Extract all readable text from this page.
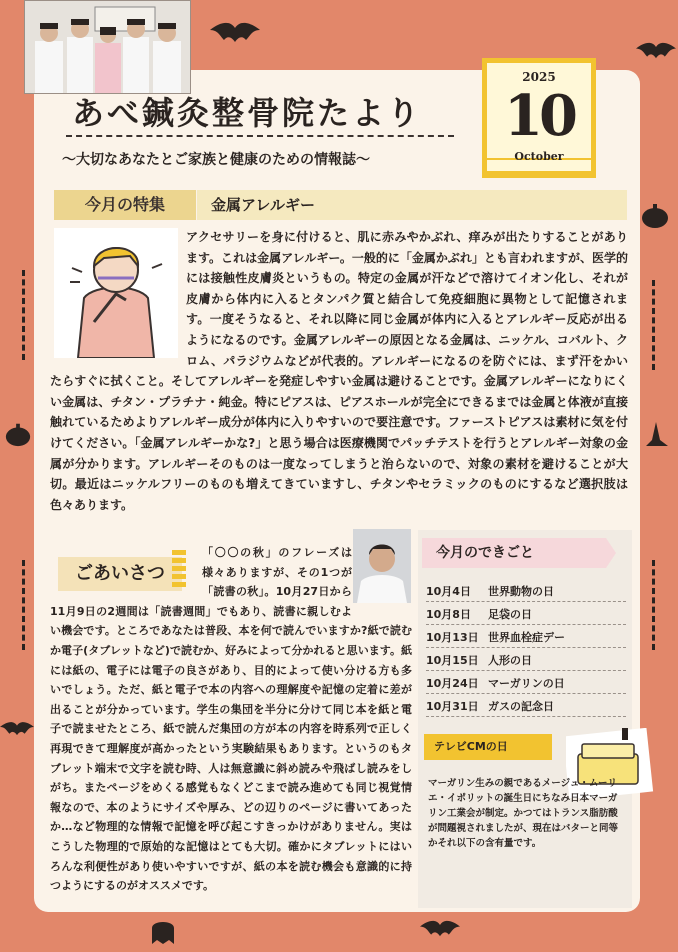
あべ鍼灸整骨院たより
〜大切なあなたとご家族と健康のための情報誌〜
2025
10
October
今月の特集	金属アレルギー
アクセサリーを身に付けると、肌に赤みやかぶれ、痒みが出たりすることがあります。これは金属アレルギー。一般的に「金属かぶれ」とも言われますが、医学的には接触性皮膚炎というもの。特定の金属が汗などで溶けてイオン化し、それが皮膚から体内に入るとタンパク質と結合して免疫細胞に異物として記憶されます。一度そうなると、それ以降に同じ金属が体内に入るとアレルギー反応が出るようになるのです。金属アレルギーの原因となる金属は、ニッケル、コバルト、クロム、パラジウムなどが代表的。アレルギーになるのを防ぐには、まず汗をかいたらすぐに拭くこと。そしてアレルギーを発症しやすい金属は避けることです。金属アレルギーになりにくい金属は、チタン・プラチナ・純金。特にピアスは、ピアスホールが完全にできるまでは金属と体液が直接触れているためよりアレルギー成分が体内に入りやすいので要注意です。ファーストピアスは素材に気を付けてください。「金属アレルギーかな?」と思う場合は医療機関でパッチテストを行うとアレルギー対象の金属が分かります。アレルギーそのものは一度なってしまうと治らないので、対象の素材を避けることが大切。最近はニッケルフリーのものも増えてきていますし、チタンやセラミックのものにするなど選択肢は色々あります。
「〇〇の秋」のフレーズは様々ありますが、その1つが「読書の秋」。10月27日から11月9日の2週間は「読書週間」でもあり、読書に親しむよい機会です。ところであなたは普段、本を何で読んでいますか?紙で読むか電子(タブレットなど)で読むか、好みによって分かれると思います。紙には紙の、電子には電子の良さがあり、目的によって使い分ける方も多いでしょう。ただ、紙と電子で本の内容への理解度や記憶の定着に差が出ることが分かっています。学生の集団を半分に分けて同じ本を紙と電子で読ませたところ、紙で読んだ集団の方が本の内容を時系列で正しく再現できて理解度が高かったという実験結果もあります。というのもタブレット端末で文字を読む時、人は無意識に斜め読みや飛ばし読みをしがち。またページをめくる感覚もなくどこまで読み進めても同じ視覚情報なので、本のようにサイズや厚み、どの辺りのページに書いてあったか…など物理的な情報で記憶を呼び起こすきっかけがありません。実はこうした物理的で原始的な記憶はとても大切。確かにタブレットにはいろんな利便性があり使いやすいですが、紙の本を読む機会も意識的に持つようにするのがオススメです。
ごあいさつ
今月のできごと
10月4日 世界動物の日
10月8日 足袋の日
10月13日 世界血栓症デー
10月15日 人形の日
10月24日 マーガリンの日
10月31日 ガスの記念日
テレビCMの日
マーガリン生みの親であるメージュ・ムーリエ・イポリットの誕生日にちなみ日本マーガリン工業会が制定。かつてはトランス脂肪酸が問題視されましたが、現在はバターと同等かそれ以下の含有量です。
